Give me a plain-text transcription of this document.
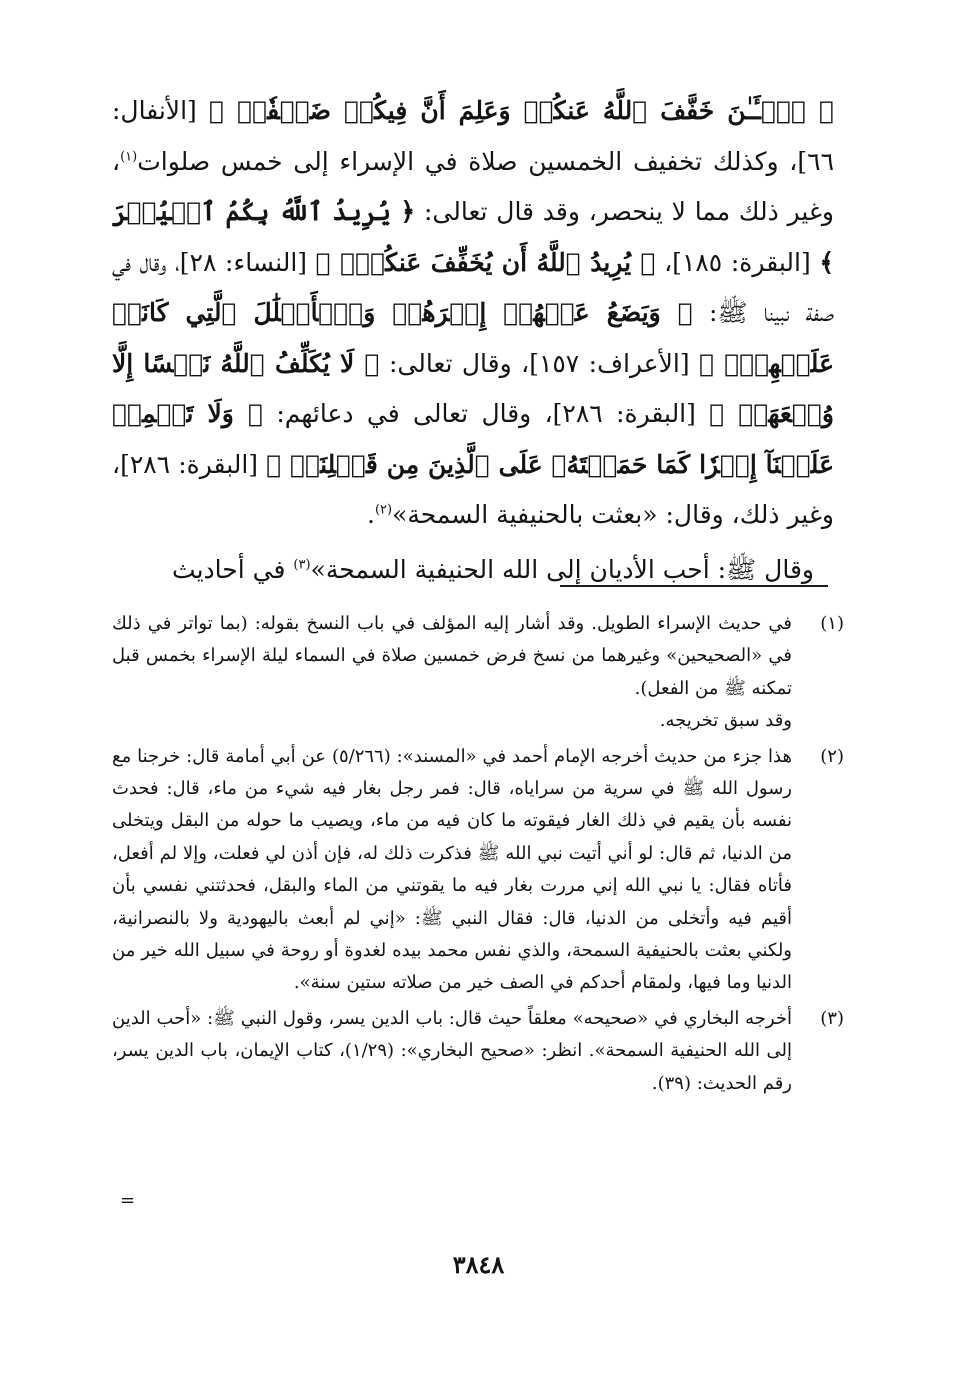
﴿ ٱلۡـَٔـٰنَ خَفَّفَ ٱللَّهُ عَنكُمۡ وَعَلِمَ أَنَّ فِيكُمۡ ضَعۡفٗاۚ ﴾ [الأنفال: ٦٦]، وكذلك تخفيف الخمسين صلاة في الإسراء إلى خمس صلوات$^{(١)}$، وغير ذلك مما لا ينحصر، وقد قال تعالى: ﴿ يُرِيدُ ٱللَّهُ بِكُمُ ٱلۡيُسۡرَ ﴾ [البقرة: ١٨٥]، ﴿ يُرِيدُ ٱللَّهُ أَن يُخَفِّفَ عَنكُمۡۚ ﴾ [النساء: ٢٨]، وقال في صفة نبينا ﷺ: ﴿ وَيَضَعُ عَنۡهُمۡ إِصۡرَهُمۡ وَٱلۡأَغۡلَٰلَ ٱلَّتِي كَانَتۡ عَلَيۡهِمۡۚ ﴾ [الأعراف: ١٥٧]، وقال تعالى: ﴿ لَا يُكَلِّفُ ٱللَّهُ نَفۡسًا إِلَّا وُسۡعَهَاۚ ﴾ [البقرة: ٢٨٦]، وقال تعالى في دعائهم: ﴿ وَلَا تَحۡمِلۡ عَلَيۡنَآ إِصۡرٗا كَمَا حَمَلۡتَهُۥ عَلَى ٱلَّذِينَ مِن قَبۡلِنَاۚ ﴾ [البقرة: ٢٨٦]، وغير ذلك، وقال: «بعثت بالحنيفية السمحة»$^{(٢)}$.

وقال ﷺ: أحب الأديان إلى الله الحنيفية السمحة»$^{(٣)}$ في أحاديث

(١)

في حديث الإسراء الطويل. وقد أشار إليه المؤلف في باب النسخ بقوله: (بما تواتر في ذلك في «الصحيحين» وغيرهما من نسخ فرض خمسين صلاة في السماء ليلة الإسراء بخمس قبل تمكنه ﷺ من الفعل).

وقد سبق تخريجه.

(٢)

هذا جزء من حديث أخرجه الإمام أحمد في «المسند»: (٥/٢٦٦) عن أبي أمامة قال: خرجنا مع رسول الله ﷺ في سرية من سراياه، قال: فمر رجل بغار فيه شيء من ماء، قال: فحدث نفسه بأن يقيم في ذلك الغار فيقوته ما كان فيه من ماء، ويصيب ما حوله من البقل ويتخلى من الدنيا، ثم قال: لو أني أتيت نبي الله ﷺ فذكرت ذلك له، فإن أذن لي فعلت، وإلا لم أفعل، فأتاه فقال: يا نبي الله إني مررت بغار فيه ما يقوتني من الماء والبقل، فحدثتني نفسي بأن أقيم فيه وأتخلى من الدنيا، قال: فقال النبي ﷺ: «إني لم أبعث باليهودية ولا بالنصرانية، ولكني بعثت بالحنيفية السمحة، والذي نفس محمد بيده لغدوة أو روحة في سبيل الله خير من الدنيا وما فيها، ولمقام أحدكم في الصف خير من صلاته ستين سنة».

(٣)

أخرجه البخاري في «صحيحه» معلقاً حيث قال: باب الدين يسر، وقول النبي ﷺ: «أحب الدين إلى الله الحنيفية السمحة». انظر: «صحيح البخاري»: (١/٢٩)، كتاب الإيمان، باب الدين يسر، رقم الحديث: (٣٩).

=
٣٨٤٨
